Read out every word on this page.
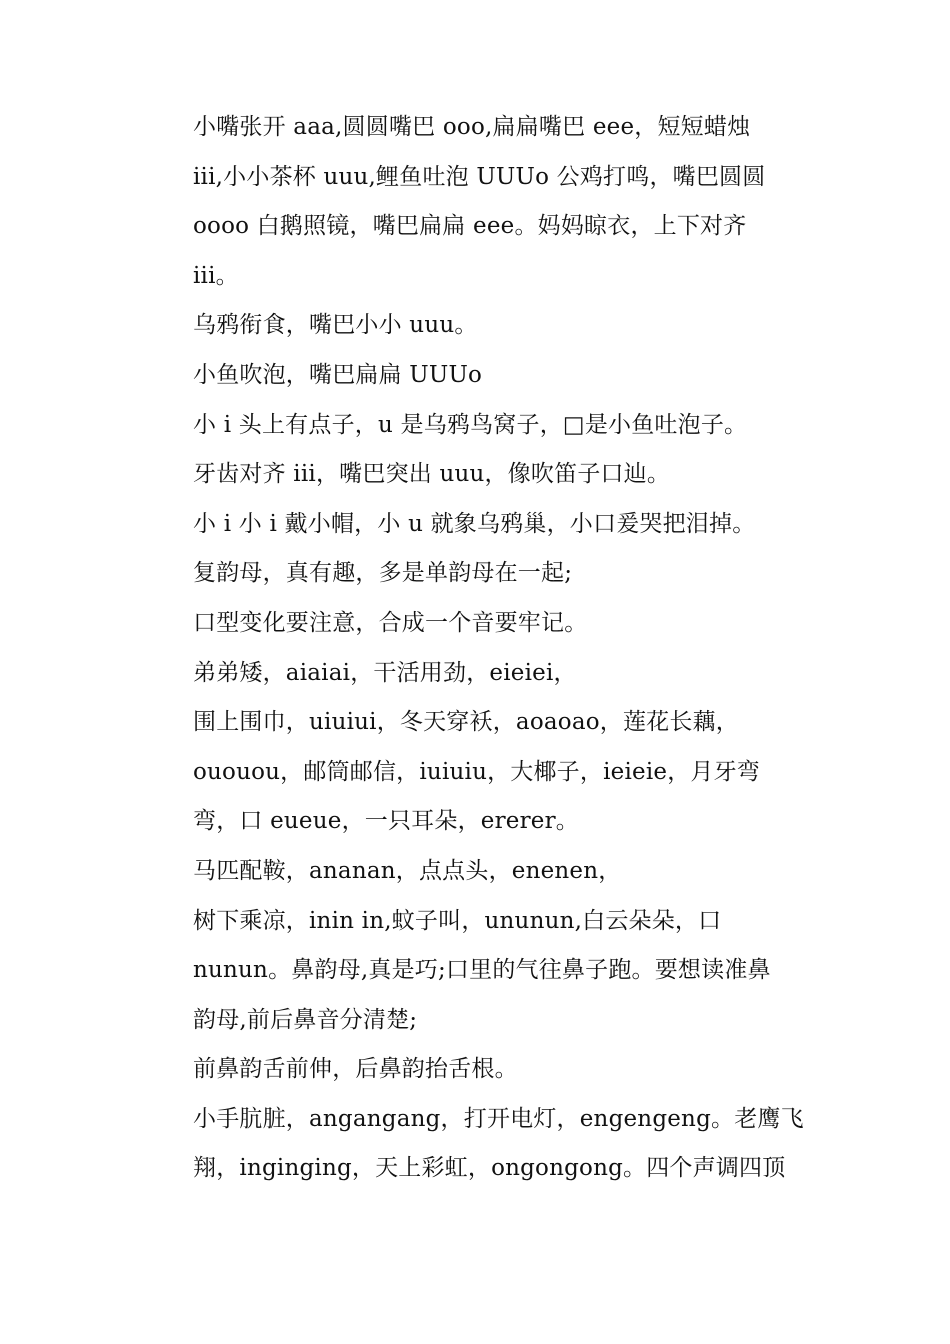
小嘴张开 aaa,圆圆嘴巴 ooo,扁扁嘴巴 eee，短短蜡烛
iii,小小茶杯 uuu,鲤鱼吐泡 UUUo 公鸡打鸣，嘴巴圆圆
oooo 白鹅照镜，嘴巴扁扁 eee。妈妈晾衣，上下对齐
iii。
乌鸦衔食，嘴巴小小 uuu。
小鱼吹泡，嘴巴扁扁 UUUo
小 i 头上有点子，u 是乌鸦鸟窝子，□是小鱼吐泡子。
牙齿对齐 iii，嘴巴突出 uuu，像吹笛子口辿。
小 i 小 i 戴小帽，小 u 就象乌鸦巢，小口爰哭把泪掉。
复韵母，真有趣，多是单韵母在一起;
口型变化要注意，合成一个音要牢记。
弟弟矮，aiaiai，干活用劲，eieiei，
围上围巾，uiuiui，冬天穿袄，aoaoao，莲花长藕，
ououou，邮筒邮信，iuiuiu，大椰子，ieieie，月牙弯
弯，口 eueue，一只耳朵，ererer。
马匹配鞍，ananan，点点头，enenen，
树下乘凉，inin in,蚊子叫，ununun,白云朵朵，口
nunun。鼻韵母,真是巧;口里的气往鼻子跑。要想读准鼻
韵母,前后鼻音分清楚;
前鼻韵舌前伸，后鼻韵抬舌根。
小手肮脏，angangang，打开电灯，engengeng。老鹰飞
翔，inginging，天上彩虹，ongongong。四个声调四顶
